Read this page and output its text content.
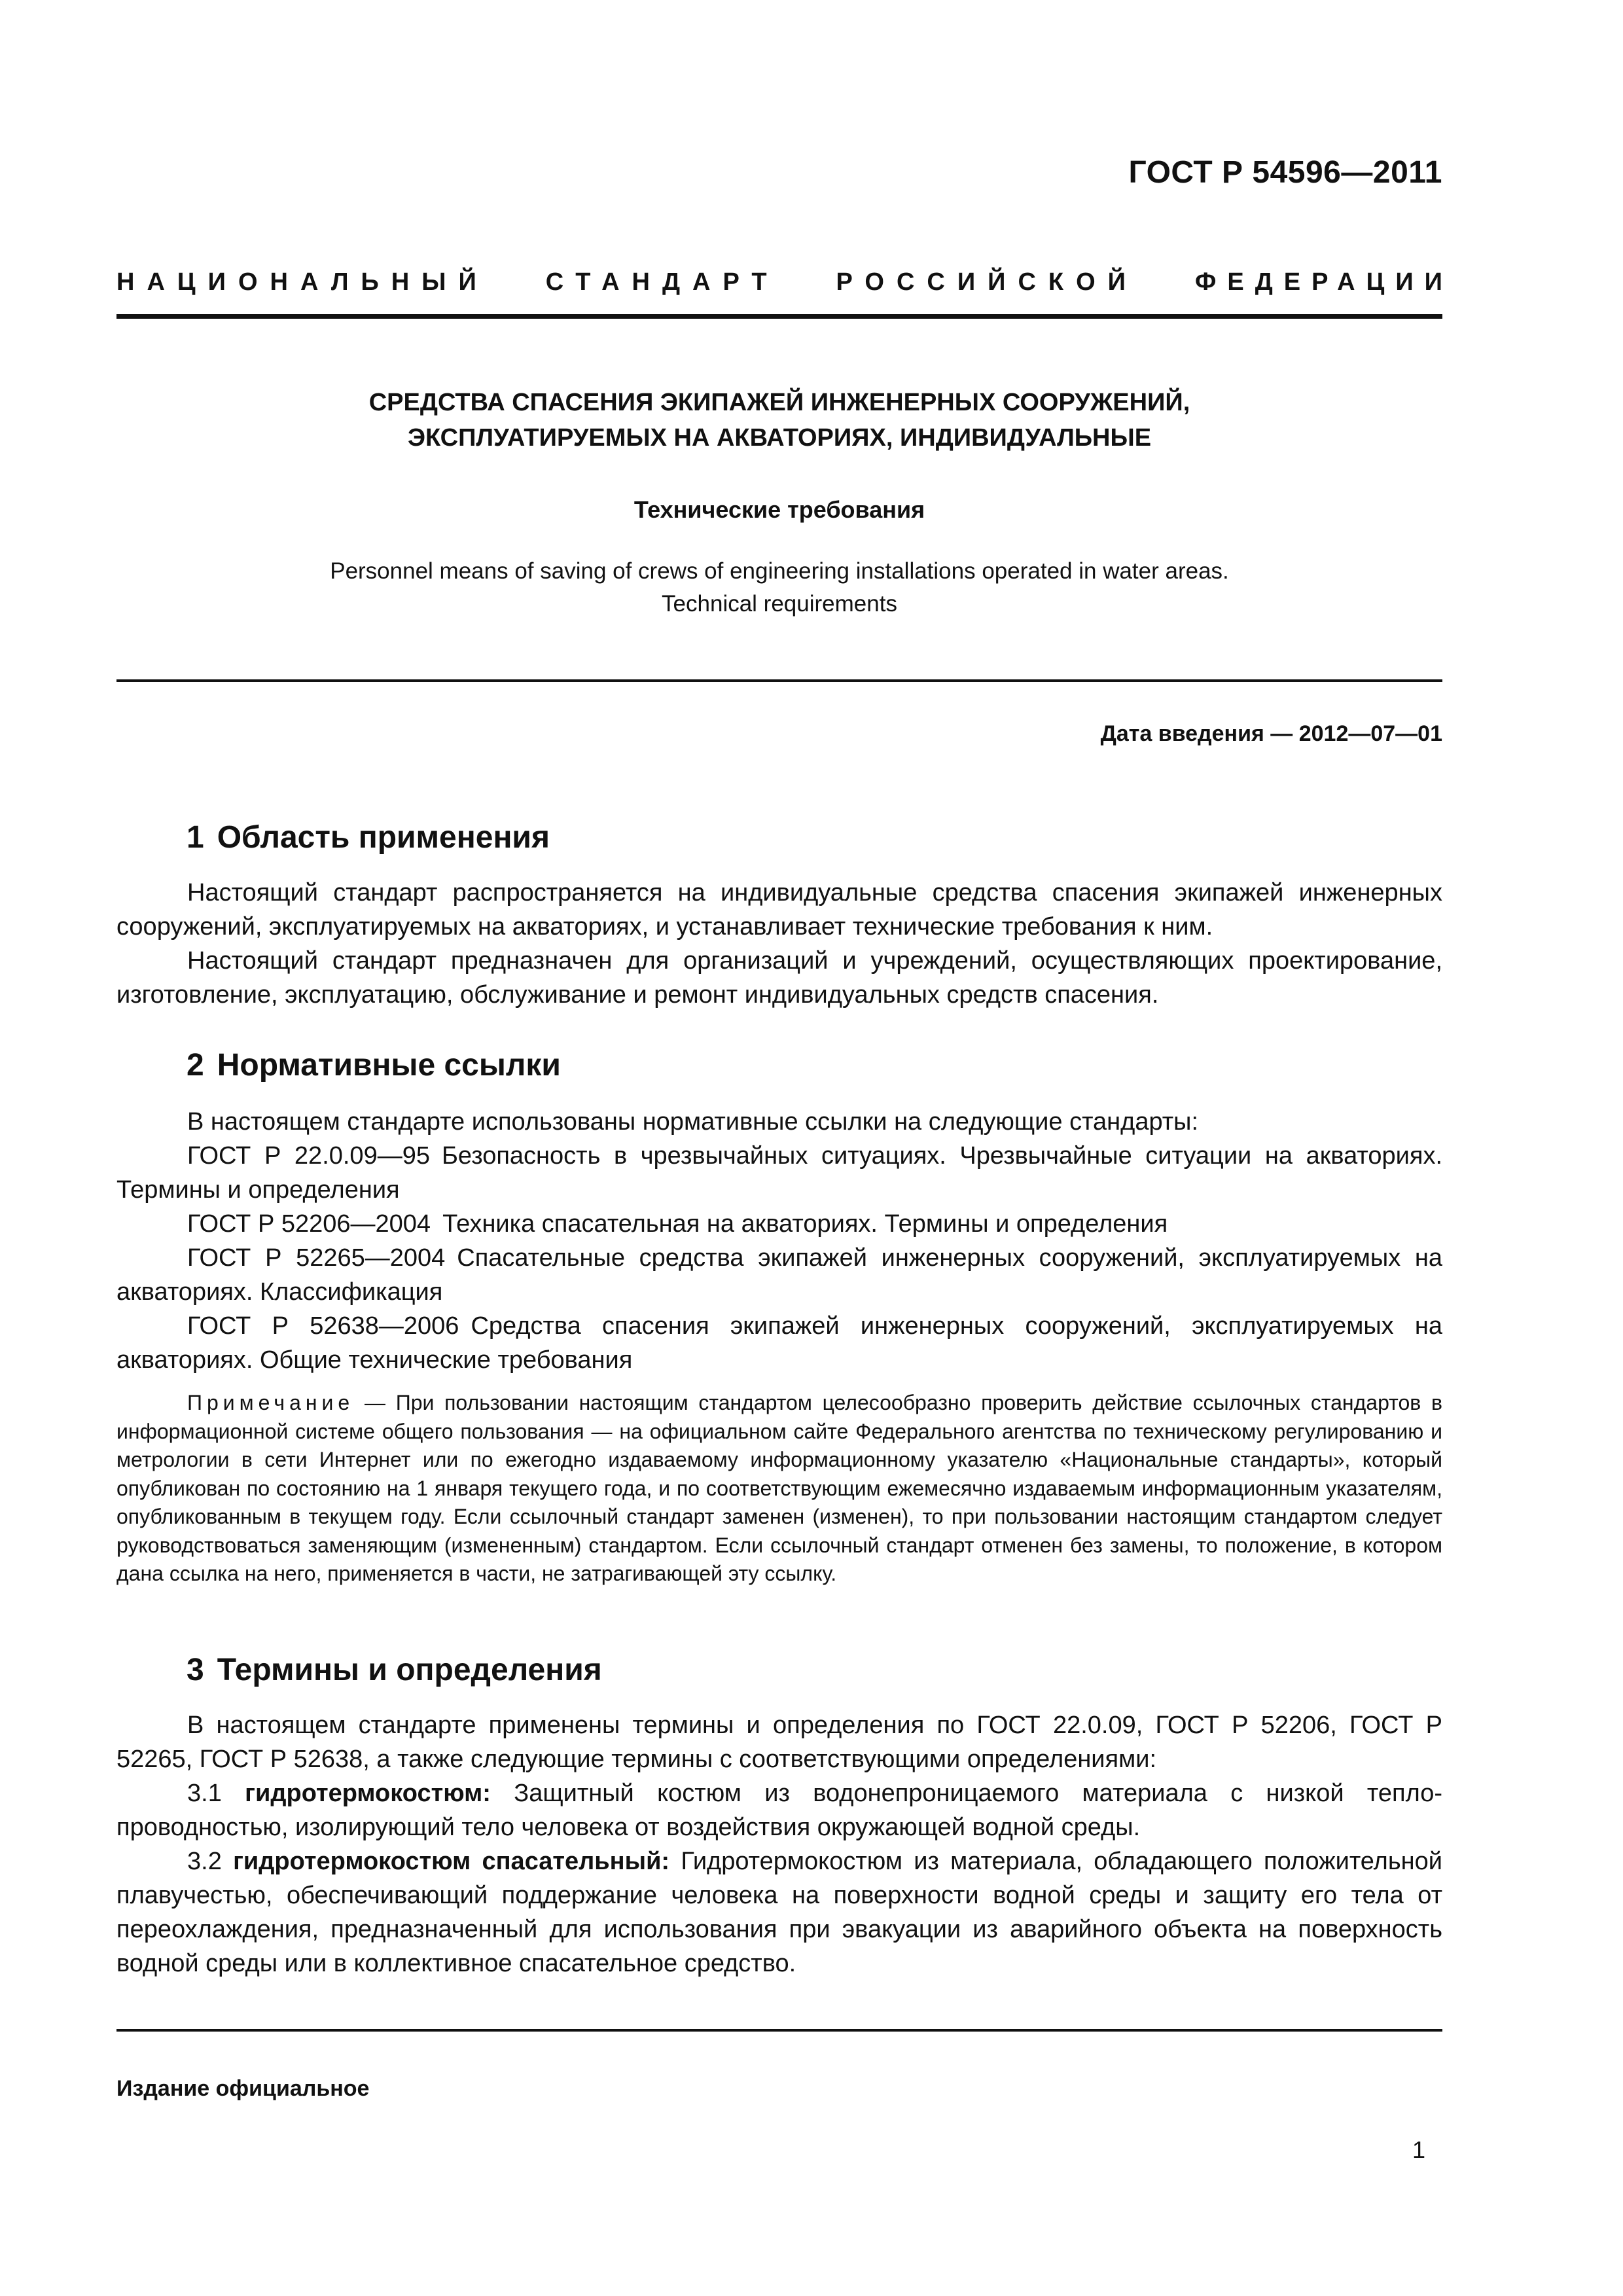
ГОСТ Р 54596—2011
НАЦИОНАЛЬНЫЙ СТАНДАРТ РОССИЙСКОЙ ФЕДЕРАЦИИ
СРЕДСТВА СПАСЕНИЯ ЭКИПАЖЕЙ ИНЖЕНЕРНЫХ СООРУЖЕНИЙ,
ЭКСПЛУАТИРУЕМЫХ НА АКВАТОРИЯХ, ИНДИВИДУАЛЬНЫЕ
Технические требования
Personnel means of saving of crews of engineering installations operated in water areas.
Technical requirements

Дата введения — 2012—07—01

1 Область применения

Настоящий стандарт распространяется на индивидуальные средства спасения экипажей инженерных сооружений, эксплуатируемых на акваториях, и устанавливает технические требования к ним.

Настоящий стандарт предназначен для организаций и учреждений, осуществляющих проектирование, изготовление, эксплуатацию, обслуживание и ремонт индивидуальных средств спасения.

2 Нормативные ссылки

В настоящем стандарте использованы нормативные ссылки на следующие стандарты:

ГОСТ Р 22.0.09—95 Безопасность в чрезвычайных ситуациях. Чрезвычайные ситуации на акваториях. Термины и определения

ГОСТ Р 52206—2004 Техника спасательная на акваториях. Термины и определения

ГОСТ Р 52265—2004 Спасательные средства экипажей инженерных сооружений, эксплуатируемых на акваториях. Классификация

ГОСТ Р 52638—2006 Средства спасения экипажей инженерных сооружений, эксплуатируемых на акваториях. Общие технические требования

Примечание — При пользовании настоящим стандартом целесообразно проверить действие ссылочных стандартов в информационной системе общего пользования — на официальном сайте Федерального агентства по техническому регулированию и метрологии в сети Интернет или по ежегодно издаваемому информационному указателю «Национальные стандарты», который опубликован по состоянию на 1 января текущего года, и по соответствующим ежемесячно издаваемым информационным указателям, опубликованным в текущем году. Если ссылочный стандарт заменен (изменен), то при пользовании настоящим стандартом следует руководствоваться заменяющим (измененным) стандартом. Если ссылочный стандарт отменен без замены, то положение, в котором дана ссылка на него, применяется в части, не затрагивающей эту ссылку.

3 Термины и определения

В настоящем стандарте применены термины и определения по ГОСТ 22.0.09, ГОСТ Р 52206, ГОСТ Р 52265, ГОСТ Р 52638, а также следующие термины с соответствующими определениями:

3.1 гидротермокостюм: Защитный костюм из водонепроницаемого материала с низкой теплопроводностью, изолирующий тело человека от воздействия окружающей водной среды.

3.2 гидротермокостюм спасательный: Гидротермокостюм из материала, обладающего положительной плавучестью, обеспечивающий поддержание человека на поверхности водной среды и защиту его тела от переохлаждения, предназначенный для использования при эвакуации из аварийного объекта на поверхность водной среды или в коллективное спасательное средство.

Издание официальное

1
